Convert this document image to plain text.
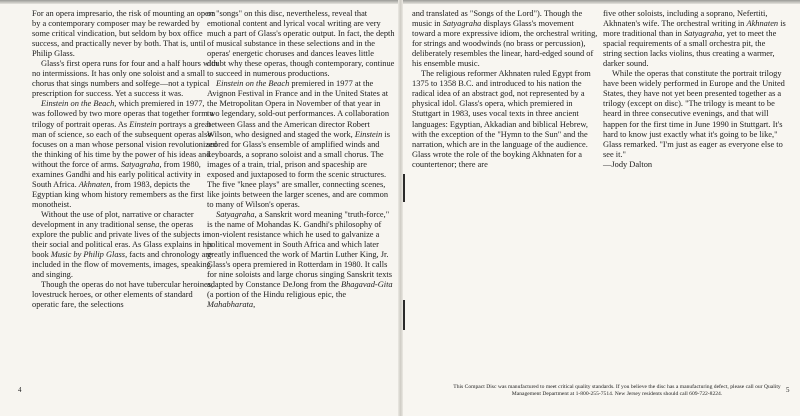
For an opera impresario, the risk of mounting an opera by a contemporary composer may be rewarded by some critical vindication, but seldom by box office success, and practically never by both. That is, until Philip Glass.

Glass's first opera runs for four and a half hours with no intermissions. It has only one soloist and a small chorus that sings numbers and solfege—not a typical prescription for success. Yet a success it was.

Einstein on the Beach, which premiered in 1977, was followed by two more operas that together form a trilogy of portrait operas. As Einstein portrays a great man of science, so each of the subsequent operas also focuses on a man whose personal vision revolutionized the thinking of his time by the power of his ideas and without the force of arms. Satyagraha, from 1980, examines Gandhi and his early political activity in South Africa. Akhnaten, from 1983, depicts the Egyptian king whom history remembers as the first monotheist.

Without the use of plot, narrative or character development in any traditional sense, the operas explore the public and private lives of the subjects in their social and political eras. As Glass explains in his book Music by Philip Glass, facts and chronology are included in the flow of movements, images, speaking and singing.

Though the operas do not have tubercular heroines, lovestruck heroes, or other elements of standard operatic fare, the selections

or "songs" on this disc, nevertheless, reveal that emotional content and lyrical vocal writing are very much a part of Glass's operatic output. In fact, the depth of musical substance in these selections and in the operas' energetic choruses and dances leaves little doubt why these operas, though contemporary, continue to succeed in numerous productions.

Einstein on the Beach premiered in 1977 at the Avignon Festival in France and in the United States at the Metropolitan Opera in November of that year in two legendary, sold-out performances. A collaboration between Glass and the American director Robert Wilson, who designed and staged the work, Einstein is scored for Glass's ensemble of amplified winds and keyboards, a soprano soloist and a small chorus. The images of a train, trial, prison and spaceship are exposed and juxtaposed to form the scenic structures. The five "knee plays" are smaller, connecting scenes, like joints between the larger scenes, and are common to many of Wilson's operas.

Satyagraha, a Sanskrit word meaning "truth-force," is the name of Mohandas K. Gandhi's philosophy of non-violent resistance which he used to galvanize a political movement in South Africa and which later greatly influenced the work of Martin Luther King, Jr. Glass's opera premiered in Rotterdam in 1980. It calls for nine soloists and large chorus singing Sanskrit texts adapted by Constance DeJong from the Bhagavad-Gita (a portion of the Hindu religious epic, the Mahabharata,

and translated as "Songs of the Lord"). Though the music in Satyagraha displays Glass's movement toward a more expressive idiom, the orchestral writing, for strings and woodwinds (no brass or percussion), deliberately resembles the linear, hard-edged sound of his ensemble music.

The religious reformer Akhnaten ruled Egypt from 1375 to 1358 B.C. and introduced to his nation the radical idea of an abstract god, not represented by a physical idol. Glass's opera, which premiered in Stuttgart in 1983, uses vocal texts in three ancient languages: Egyptian, Akkadian and biblical Hebrew, with the exception of the "Hymn to the Sun" and the narration, which are in the language of the audience. Glass wrote the role of the boyking Akhnaten for a countertenor; there are

five other soloists, including a soprano, Nefertiti, Akhnaten's wife. The orchestral writing in Akhnaten is more traditional than in Satyagraha, yet to meet the spacial requirements of a small orchestra pit, the string section lacks violins, thus creating a warmer, darker sound.

While the operas that constitute the portrait trilogy have been widely performed in Europe and the United States, they have not yet been presented together as a trilogy (except on disc). "The trilogy is meant to be heard in three consecutive evenings, and that will happen for the first time in June 1990 in Stuttgart. It's hard to know just exactly what it's going to be like," Glass remarked. "I'm just as eager as everyone else to see it."

—Jody Dalton

4	5
This Compact Disc was manufactured to meet critical quality standards. If you believe the disc has a manufacturing defect, please call our Quality Management Department at 1-800-255-7514. New Jersey residents should call 609-722-8224.
